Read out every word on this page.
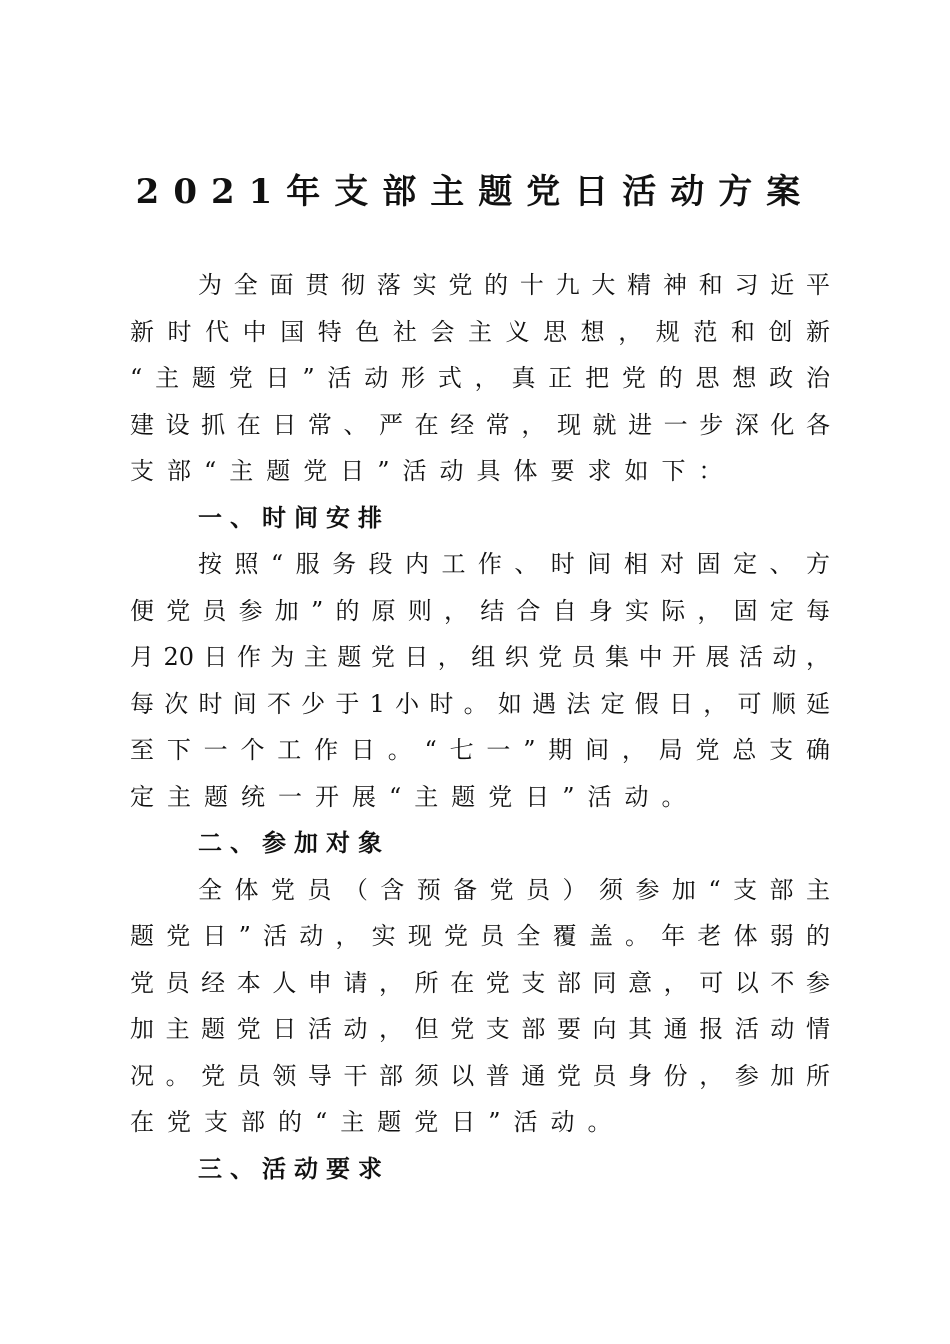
2021年支部主题党日活动方案
为全面贯彻落实党的十九大精神和习近平
新时代中国特色社会主义思想，规范和创新
“主题党日”活动形式，真正把党的思想政治
建设抓在日常、严在经常，现就进一步深化各
支部“主题党日”活动具体要求如下：
一、时间安排
按照“服务段内工作、时间相对固定、方
便党员参加”的原则，结合自身实际，固定每
月20日作为主题党日，组织党员集中开展活动，
每次时间不少于1小时。如遇法定假日，可顺延
至下一个工作日。“七一”期间，局党总支确
定主题统一开展“主题党日”活动。
二、参加对象
全体党员（含预备党员）须参加“支部主
题党日”活动，实现党员全覆盖。年老体弱的
党员经本人申请，所在党支部同意，可以不参
加主题党日活动，但党支部要向其通报活动情
况。党员领导干部须以普通党员身份，参加所
在党支部的“主题党日”活动。
三、活动要求
